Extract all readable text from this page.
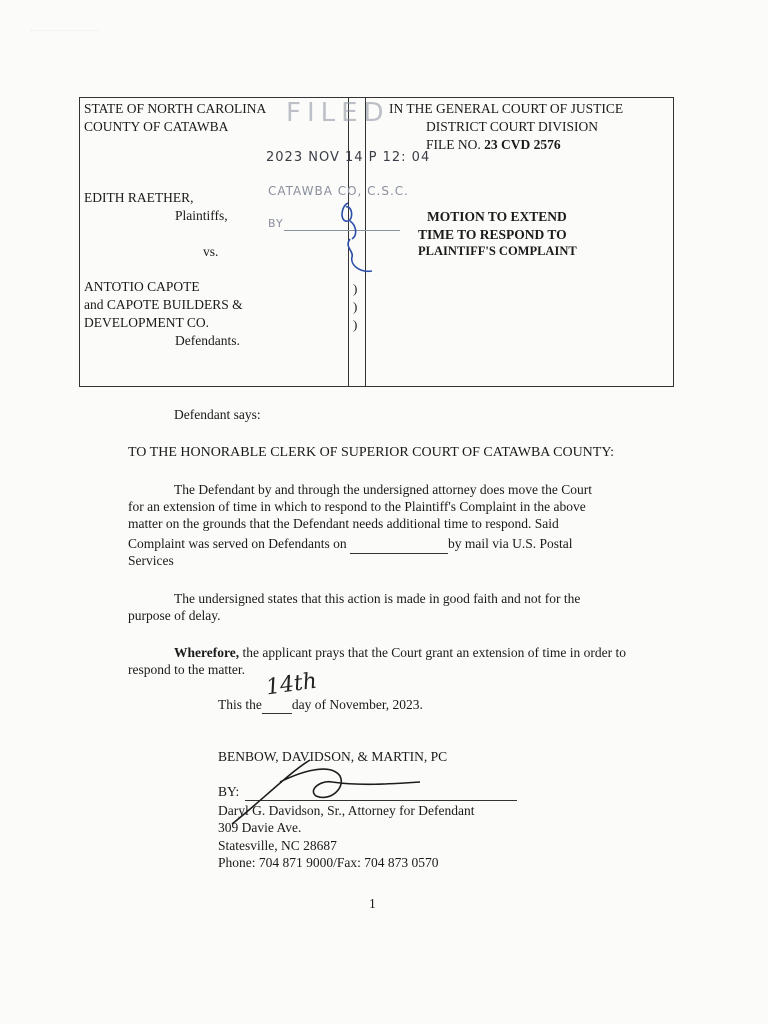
STATE OF NORTH CAROLINA
COUNTY OF CATAWBA
EDITH RAETHER,
Plaintiffs,
vs.
ANTOTIO CAPOTE
and CAPOTE BUILDERS &
DEVELOPMENT CO.
Defendants.
IN THE GENERAL COURT OF JUSTICE
DISTRICT COURT DIVISION
FILE NO. 23 CVD 2576
MOTION TO EXTEND
TIME TO RESPOND TO
PLAINTIFF'S COMPLAINT
)
)
)
FILED
2023 NOV 14 P 12: 04
CATAWBA CO, C.S.C.
BY
Defendant says:
TO THE HONORABLE CLERK OF SUPERIOR COURT OF CATAWBA COUNTY:
The Defendant by and through the undersigned attorney does move the Court
for an extension of time in which to respond to the Plaintiff's Complaint in the above
matter on the grounds that the Defendant needs additional time to respond. Said
Complaint was served on Defendants on	by mail via U.S. Postal
Services
The undersigned states that this action is made in good faith and not for the
purpose of delay.
Wherefore, the applicant prays that the Court grant an extension of time in order to
respond to the matter.
This the day of November, 2023.
14th
BENBOW, DAVIDSON, & MARTIN, PC
BY:
Daryl G. Davidson, Sr., Attorney for Defendant
309 Davie Ave.
Statesville, NC 28687
Phone: 704 871 9000/Fax: 704 873 0570
1
